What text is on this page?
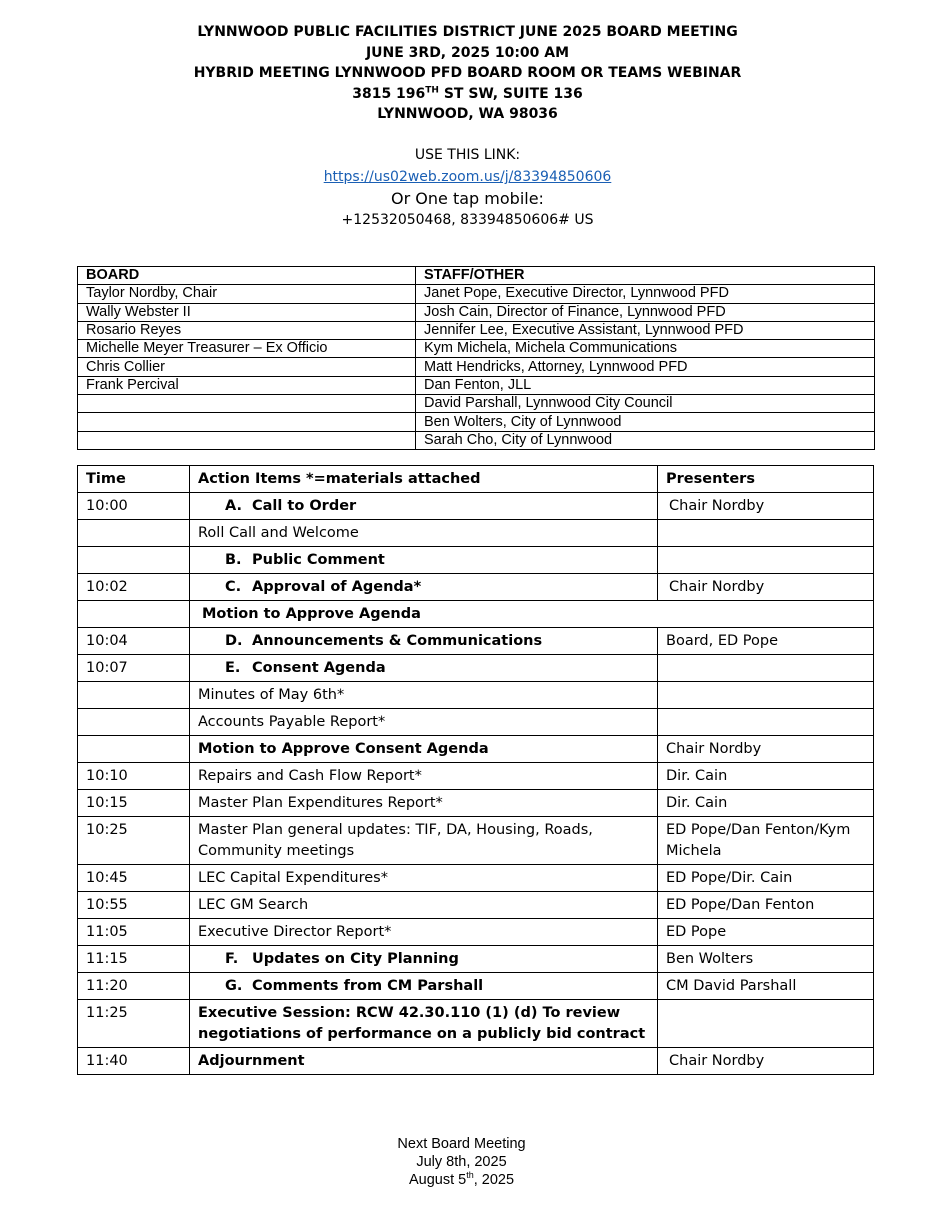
LYNNWOOD PUBLIC FACILITIES DISTRICT JUNE 2025 BOARD MEETING
JUNE 3RD, 2025 10:00 AM
HYBRID MEETING LYNNWOOD PFD BOARD ROOM OR TEAMS WEBINAR
3815 196TH ST SW, SUITE 136
LYNNWOOD, WA 98036
USE THIS LINK:
https://us02web.zoom.us/j/83394850606
Or One tap mobile:
+12532050468, 83394850606# US
BOARD	STAFF/OTHER
Taylor Nordby, Chair	Janet Pope, Executive Director, Lynnwood PFD
Wally Webster II	Josh Cain, Director of Finance, Lynnwood PFD
Rosario Reyes	Jennifer Lee, Executive Assistant, Lynnwood PFD
Michelle Meyer Treasurer – Ex Officio	Kym Michela, Michela Communications
Chris Collier	Matt Hendricks, Attorney, Lynnwood PFD
Frank Percival	Dan Fenton, JLL
	David Parshall, Lynnwood City Council
	Ben Wolters, City of Lynnwood
	Sarah Cho, City of Lynnwood
Time	Action Items *=materials attached	Presenters
10:00	A. Call to Order	Chair Nordby
	Roll Call and Welcome	
	B. Public Comment	
10:02	C. Approval of Agenda*	Chair Nordby
	Motion to Approve Agenda	
10:04	D. Announcements & Communications	Board, ED Pope
10:07	E. Consent Agenda	
	Minutes of May 6th*	
	Accounts Payable Report*	
	Motion to Approve Consent Agenda	Chair Nordby
10:10	Repairs and Cash Flow Report*	Dir. Cain
10:15	Master Plan Expenditures Report*	Dir. Cain
10:25	Master Plan general updates: TIF, DA, Housing, Roads, Community meetings	ED Pope/Dan Fenton/Kym Michela
10:45	LEC Capital Expenditures*	ED Pope/Dir. Cain
10:55	LEC GM Search	ED Pope/Dan Fenton
11:05	Executive Director Report*	ED Pope
11:15	F. Updates on City Planning	Ben Wolters
11:20	G. Comments from CM Parshall	CM David Parshall
11:25	Executive Session: RCW 42.30.110 (1) (d) To review negotiations of performance on a publicly bid contract	
11:40	Adjournment	Chair Nordby
Next Board Meeting
July 8th, 2025
August 5th, 2025
